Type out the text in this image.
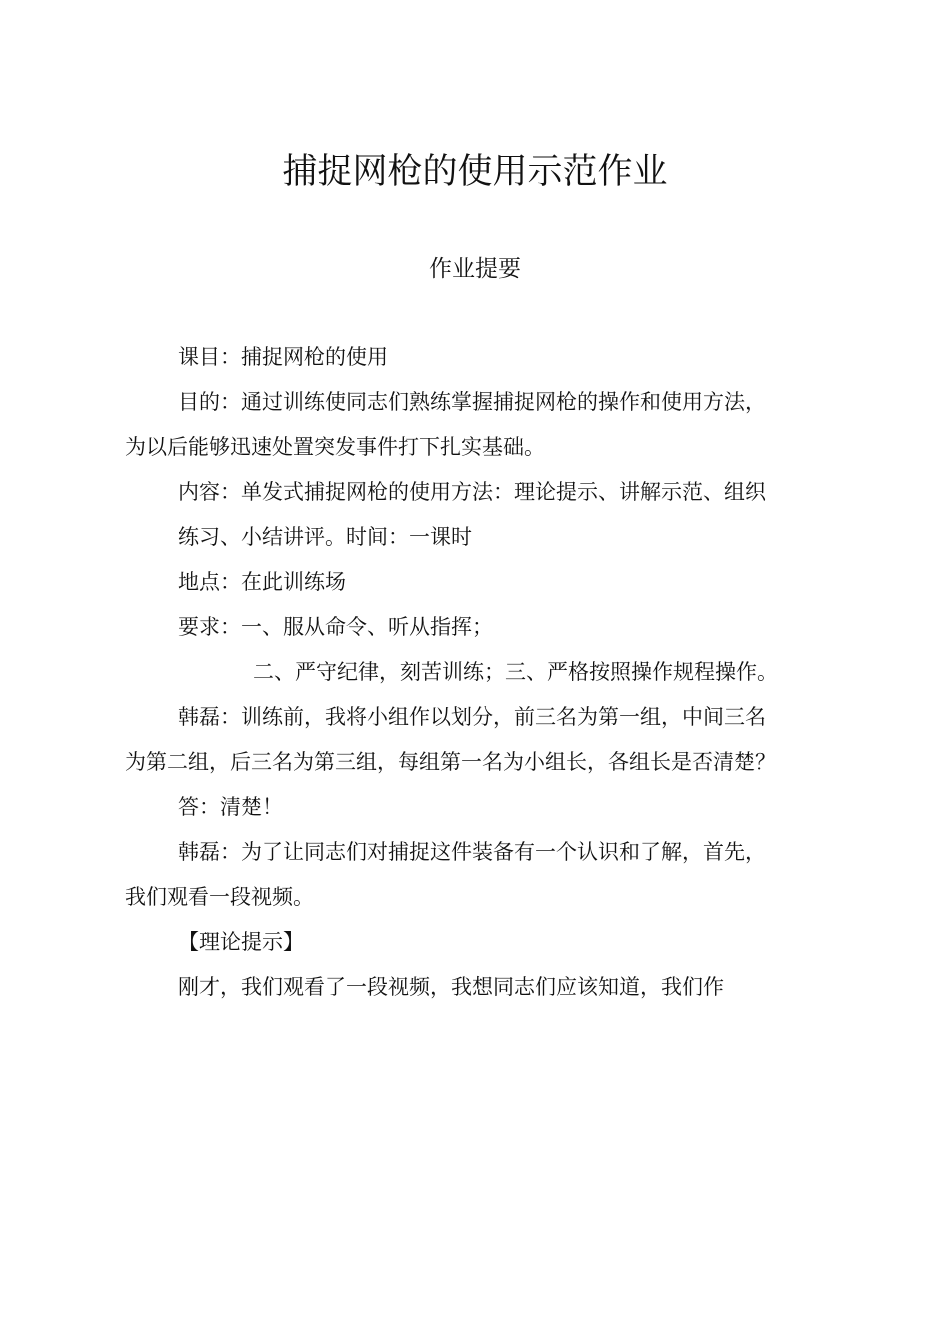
捕捉网枪的使用示范作业
作业提要
课目：捕捉网枪的使用
目的：通过训练使同志们熟练掌握捕捉网枪的操作和使用方法，
为以后能够迅速处置突发事件打下扎实基础。
内容：单发式捕捉网枪的使用方法：理论提示、讲解示范、组织
练习、小结讲评。时间：一课时
地点：在此训练场
要求：一、服从命令、听从指挥；
二、严守纪律，刻苦训练；三、严格按照操作规程操作。
韩磊：训练前，我将小组作以划分，前三名为第一组，中间三名
为第二组，后三名为第三组，每组第一名为小组长，各组长是否清楚？
答：清楚！
韩磊：为了让同志们对捕捉这件装备有一个认识和了解，首先，
我们观看一段视频。
【理论提示】
刚才，我们观看了一段视频，我想同志们应该知道，我们作
